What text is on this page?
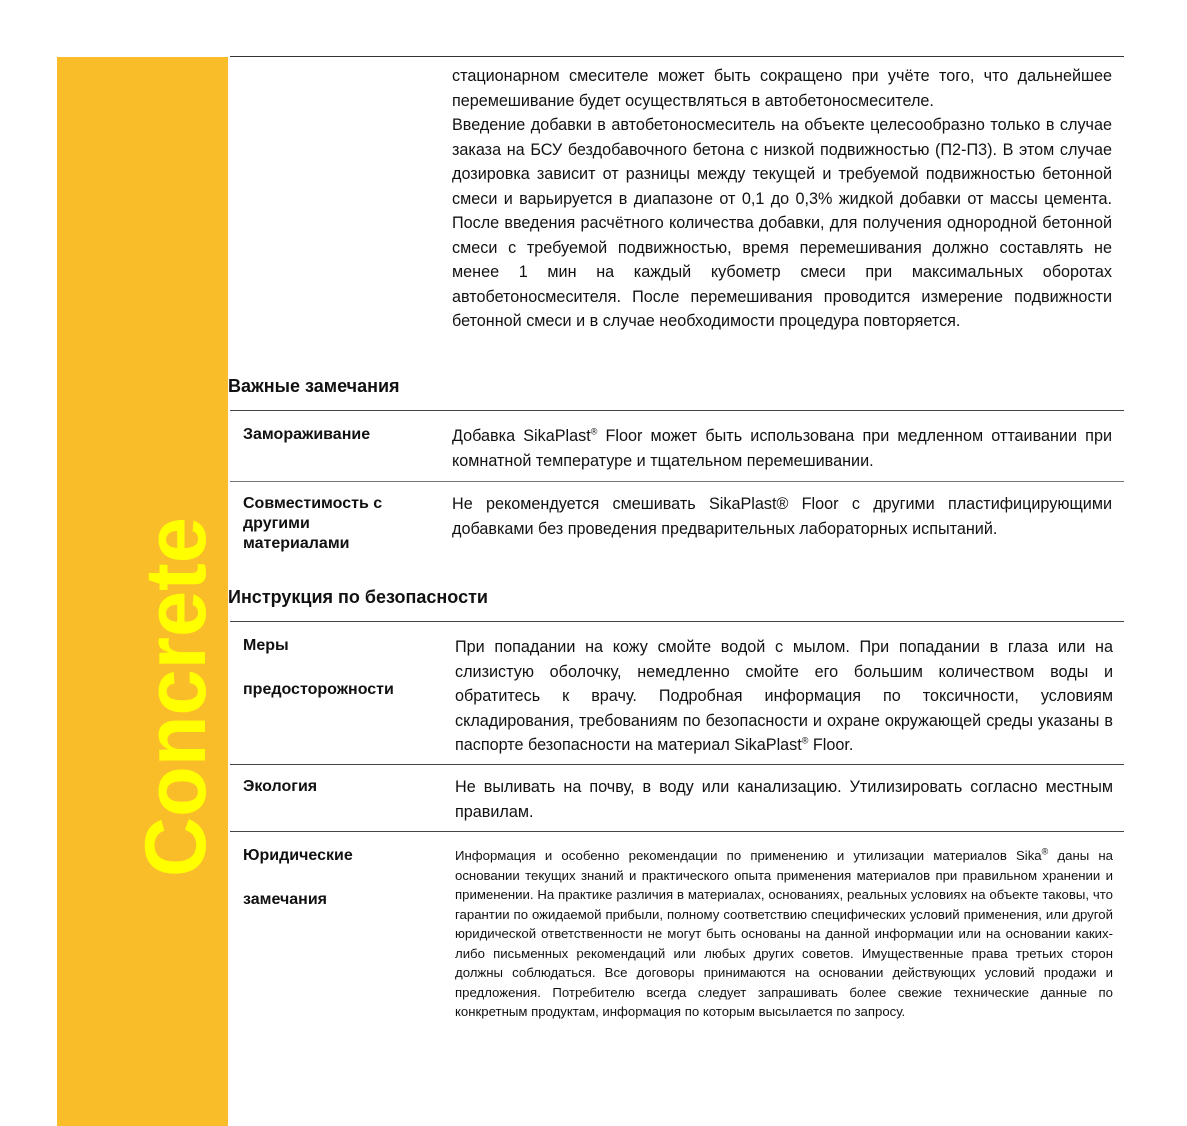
Concrete

стационарном смесителе может быть сокращено при учёте того, что дальнейшее перемешивание будет осуществляться в автобетоносмесителе.

Введение добавки в автобетоносмеситель на объекте целесообразно только в случае заказа на БСУ бездобавочного бетона с низкой подвижностью (П2-П3). В этом случае дозировка зависит от разницы между текущей и требуемой подвижностью бетонной смеси и варьируется в диапазоне от 0,1 до 0,3% жидкой добавки от массы цемента. После введения расчётного количества добавки, для получения однородной бетонной смеси с требуемой подвижностью, время перемешивания должно составлять не менее 1 мин на каждый кубометр смеси при максимальных оборотах автобетоносмесителя. После перемешивания проводится измерение подвижности бетонной смеси и в случае необходимости процедура повторяется.

Важные замечания

Замораживание	Добавка SikaPlast® Floor может быть использована при медленном оттаивании при комнатной температуре и тщательном перемешивании.

Совместимость с другими материалами

Не рекомендуется смешивать SikaPlast® Floor с другими пластифицирующими добавками без проведения предварительных лабораторных испытаний.

Инструкция по безопасности

Меры

предосторожности

При попадании на кожу смойте водой с мылом. При попадании в глаза или на слизистую оболочку, немедленно смойте его большим количеством воды и обратитесь к врачу. Подробная информация по токсичности, условиям складирования, требованиям по безопасности и охране окружающей среды указаны в паспорте безопасности на материал SikaPlast® Floor.

Экология	Не выливать на почву, в воду или канализацию. Утилизировать согласно местным правилам.

Юридические

замечания

Информация и особенно рекомендации по применению и утилизации материалов Sika® даны на основании текущих знаний и практического опыта применения материалов при правильном хранении и применении. На практике различия в материалах, основаниях, реальных условиях на объекте таковы, что гарантии по ожидаемой прибыли, полному соответствию специфических условий применения, или другой юридической ответственности не могут быть основаны на данной информации или на основании каких-либо письменных рекомендаций или любых других советов. Имущественные права третьих сторон должны соблюдаться. Все договоры принимаются на основании действующих условий продажи и предложения. Потребителю всегда следует запрашивать более свежие технические данные по конкретным продуктам, информация по которым высылается по запросу.
